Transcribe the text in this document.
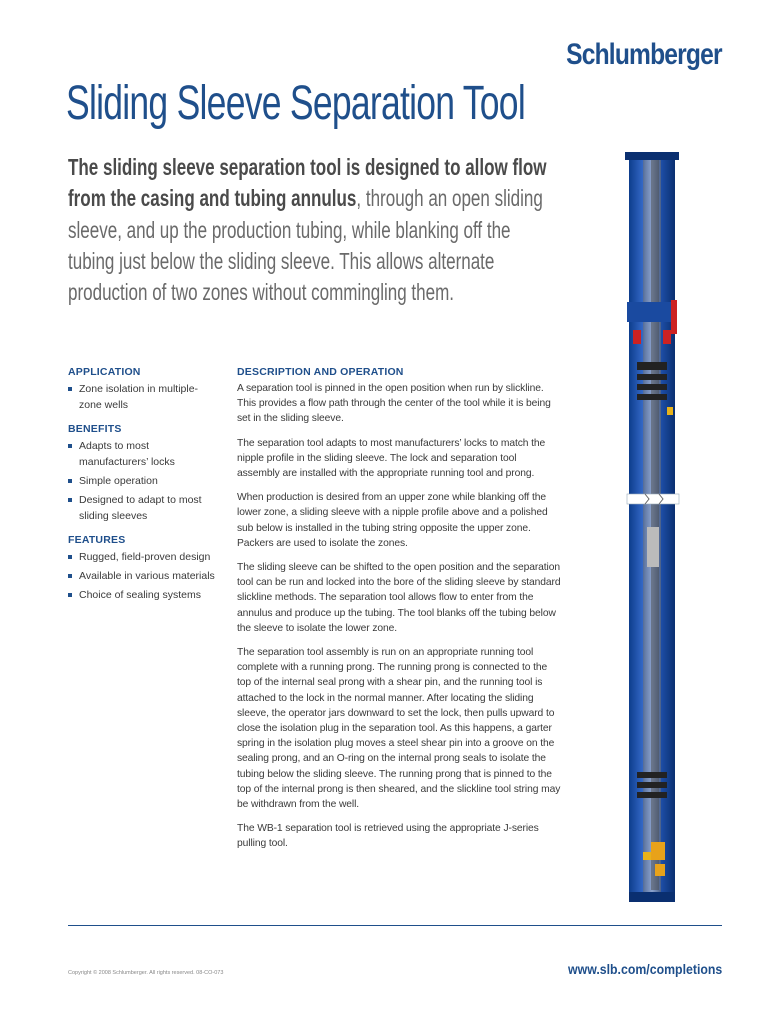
Schlumberger
Sliding Sleeve Separation Tool

The sliding sleeve separation tool is designed to allow flow from the casing and tubing annulus, through an open sliding sleeve, and up the production tubing, while blanking off the tubing just below the sliding sleeve. This allows alternate production of two zones without commingling them.

APPLICATION
Zone isolation in multiple-zone wells
BENEFITS
Adapts to most manufacturers’ locks
Simple operation
Designed to adapt to most sliding sleeves
FEATURES
Rugged, field-proven design
Available in various materials
Choice of sealing systems
DESCRIPTION AND OPERATION

A separation tool is pinned in the open position when run by slickline. This provides a flow path through the center of the tool while it is being set in the sliding sleeve.

The separation tool adapts to most manufacturers’ locks to match the nipple profile in the sliding sleeve. The lock and separation tool assembly are installed with the appropriate running tool and prong.

When production is desired from an upper zone while blanking off the lower zone, a sliding sleeve with a nipple profile above and a polished sub below is installed in the tubing string opposite the upper zone. Packers are used to isolate the zones.

The sliding sleeve can be shifted to the open position and the separation tool can be run and locked into the bore of the sliding sleeve by standard slickline methods. The separation tool allows flow to enter from the annulus and produce up the tubing. The tool blanks off the tubing below the sleeve to isolate the lower zone.

The separation tool assembly is run on an appropriate running tool complete with a running prong. The running prong is connected to the top of the internal seal prong with a shear pin, and the running tool is attached to the lock in the normal manner. After locating the sliding sleeve, the operator jars downward to set the lock, then pulls upward to close the isolation plug in the separation tool. As this happens, a garter spring in the isolation plug moves a steel shear pin into a groove on the sealing prong, and an O-ring on the internal prong seals to isolate the tubing below the sliding sleeve. The running prong that is pinned to the top of the internal prong is then sheared, and the slickline tool string may be withdrawn from the well.

The WB-1 separation tool is retrieved using the appropriate J-series pulling tool.

Copyright © 2008 Schlumberger. All rights reserved. 08-CO-073	www.slb.com/completions
